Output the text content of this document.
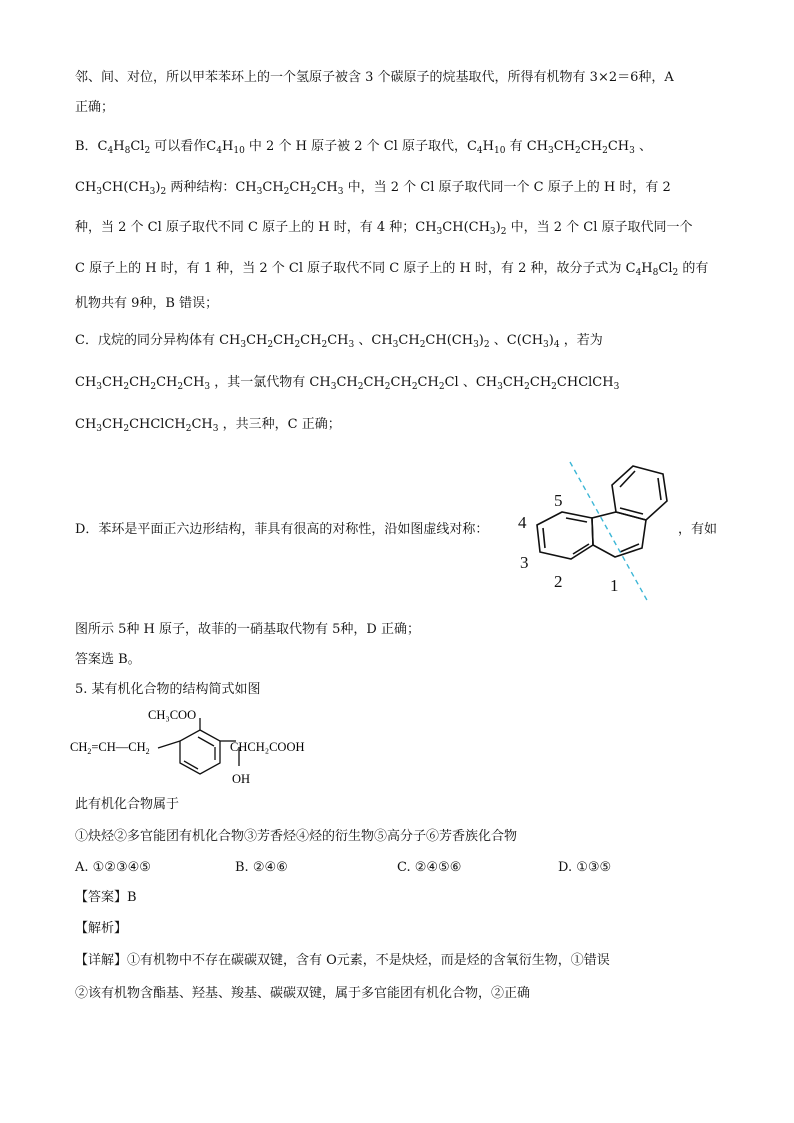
邻、间、对位，所以甲苯苯环上的一个氢原子被含 3 个碳原子的烷基取代，所得有机物有 3×2＝6种，A
正确；
B．$C_4H_8Cl_2$ 可以看作$C_4H_{10}$ 中 2 个 H 原子被 2 个 Cl 原子取代，$C_4H_{10}$ 有 $CH_3CH_2CH_2CH_3$ 、
$CH_3CH(CH_3)_2$ 两种结构：$CH_3CH_2CH_2CH_3$ 中，当 2 个 Cl 原子取代同一个 C 原子上的 H 时，有 2
种，当 2 个 Cl 原子取代不同 C 原子上的 H 时，有 4 种；$CH_3CH(CH_3)_2$ 中，当 2 个 Cl 原子取代同一个
C 原子上的 H 时，有 1 种，当 2 个 Cl 原子取代不同 C 原子上的 H 时，有 2 种，故分子式为 $C_4H_8Cl_2$ 的有
机物共有 9种，B 错误；
C．戊烷的同分异构体有 $CH_3CH_2CH_2CH_2CH_3$ 、$CH_3CH_2CH(CH_3)_2$ 、$C(CH_3)_4$ ，若为
$CH_3CH_2CH_2CH_2CH_3$ ，其一氯代物有 $CH_3CH_2CH_2CH_2CH_2Cl$ 、$CH_3CH_2CH_2CHClCH_3$
$CH_3CH_2CHClCH_2CH_3$ ，共三种，C 正确；
D．苯环是平面正六边形结构，菲具有很高的对称性，沿如图虚线对称：	，有如
1
2
3
4
5
图所示 5种 H 原子，故菲的一硝基取代物有 5种，D 正确；
答案选 B。
5. 某有机化合物的结构简式如图
CH₃COO
$CH_2=CH—CH_2$	CHCH₂COOH
OH
此有机化合物属于
①炔烃②多官能团有机化合物③芳香烃④烃的衍生物⑤高分子⑥芳香族化合物
A. ①②③④⑤	B. ②④⑥	C. ②④⑤⑥	D. ①③⑤
【答案】B
【解析】
【详解】①有机物中不存在碳碳双键，含有 O元素，不是炔烃，而是烃的含氧衍生物，①错误
②该有机物含酯基、羟基、羧基、碳碳双键，属于多官能团有机化合物，②正确
